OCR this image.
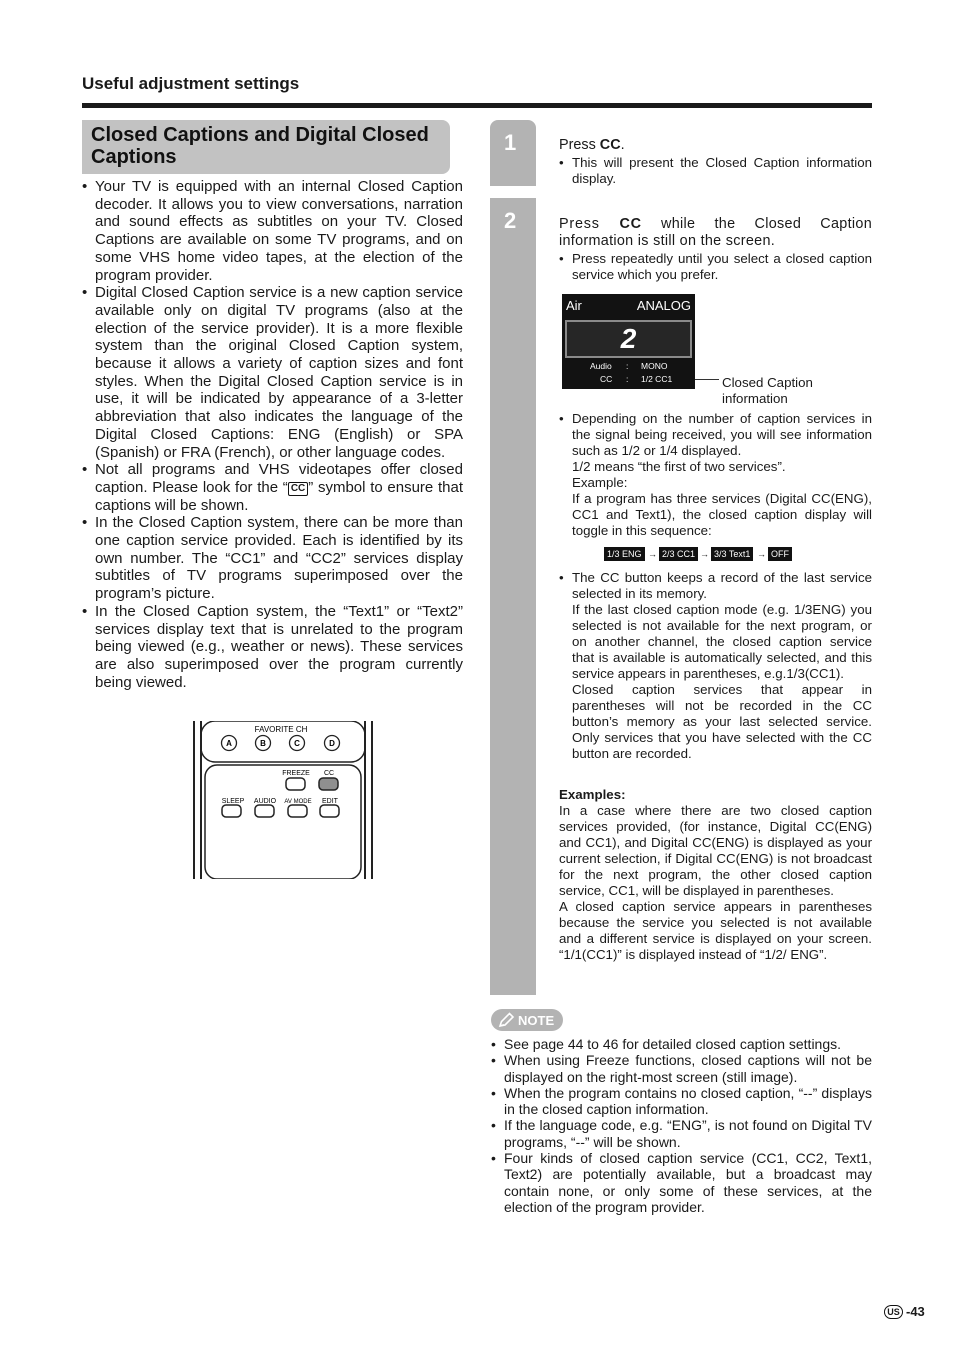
Useful adjustment settings
Closed Captions and Digital Closed Captions
• Your TV is equipped with an internal Closed Caption decoder. It allows you to view conversations, narration and sound effects as subtitles on your TV. Closed Captions are available on some TV programs, and on some VHS home video tapes, at the election of the program provider.
• Digital Closed Caption service is a new caption service available only on digital TV programs (also at the election of the service provider). It is a more flexible system than the original Closed Caption system, because it allows a variety of caption sizes and font styles. When the Digital Closed Caption service is in use, it will be indicated by appearance of a 3-letter abbreviation that also indicates the language of the Digital Closed Captions: ENG (English) or SPA (Spanish) or FRA (French), or other language codes.
• Not all programs and VHS videotapes offer closed caption. Please look for the “ CC ” symbol to ensure that captions will be shown.
• In the Closed Caption system, there can be more than one caption service provided. Each is identified by its own number. The “CC1” and “CC2” services display subtitles of TV programs superimposed over the program’s picture.
• In the Closed Caption system, the “Text1” or “Text2” services display text that is unrelated to the program being viewed (e.g., weather or news). These services are also superimposed over the program currently being viewed.
FAVORITE CH
A	B	C	D
FREEZE CC
SLEEP AUDIO AV MODE EDIT
1
2
Press CC.
• This will present the Closed Caption information display.
Press CC while the Closed Caption information is still on the screen.
• Press repeatedly until you select a closed caption service which you prefer.
Air	ANALOG
Audio : MONO
CC : 1/2 CC1
2
Closed Caption information
• Depending on the number of caption services in the signal being received, you will see information such as 1/2 or 1/4 displayed.
1/2 means “the first of two services”.
Example:
If a program has three services (Digital CC(ENG), CC1 and Text1), the closed caption display will toggle in this sequence:
1/3 ENG → 2/3 CC1 → 3/3 Text1 → OFF
• The CC button keeps a record of the last service selected in its memory.
If the last closed caption mode (e.g. 1/3ENG) you selected is not available for the next program, or on another channel, the closed caption service that is available is automatically selected, and this service appears in parentheses, e.g.1/3(CC1).
Closed caption services that appear in parentheses will not be recorded in the CC button’s memory as your last selected service. Only services that you have selected with the CC button are recorded.
Examples:
In a case where there are two closed caption services provided, (for instance, Digital CC(ENG) and CC1), and Digital CC(ENG) is displayed as your current selection, if Digital CC(ENG) is not broadcast for the next program, the other closed caption service, CC1, will be displayed in parentheses.
A closed caption service appears in parentheses because the service you selected is not available and a different service is displayed on your screen. “1/1(CC1)” is displayed instead of “1/2/ ENG”.
NOTE
• See page 44 to 46 for detailed closed caption settings.
• When using Freeze functions, closed captions will not be displayed on the right-most screen (still image).
• When the program contains no closed caption, “--” displays in the closed caption information.
• If the language code, e.g. “ENG”, is not found on Digital TV programs, “--” will be shown.
• Four kinds of closed caption service (CC1, CC2, Text1, Text2) are potentially available, but a broadcast may contain none, or only some of these services, at the election of the program provider.
US -43
